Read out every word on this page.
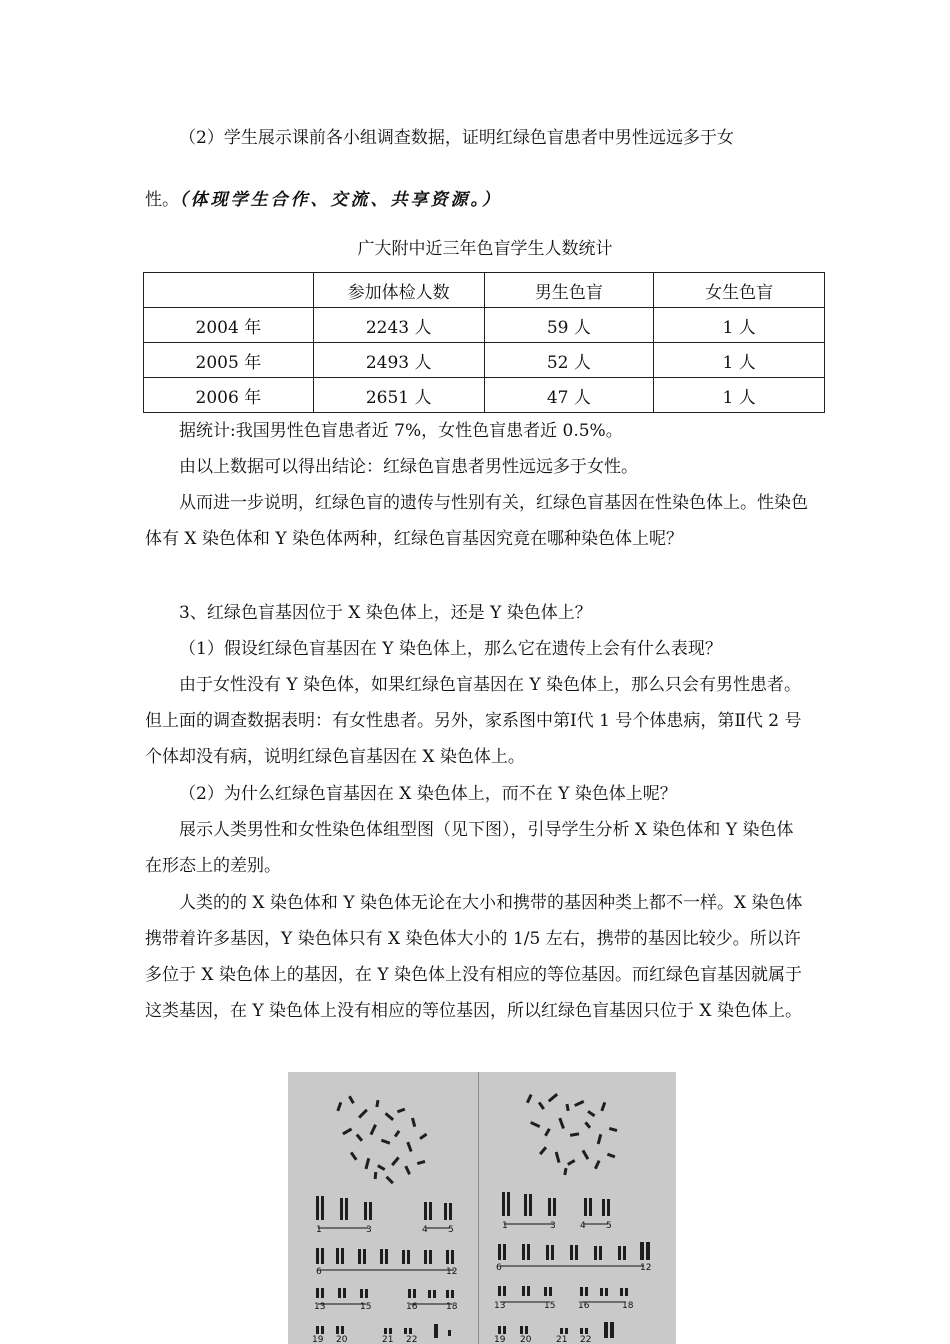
（2）学生展示课前各小组调查数据，证明红绿色盲患者中男性远远多于女

性。（体现学生合作、交流、共享资源。）

广大附中近三年色盲学生人数统计
	参加体检人数	男生色盲	女生色盲
2004 年	2243 人	59 人	1 人
2005 年	2493 人	52 人	1 人
2006 年	2651 人	47 人	1 人

据统计:我国男性色盲患者近 7%，女性色盲患者近 0.5%。

由以上数据可以得出结论：红绿色盲患者男性远远多于女性。

从而进一步说明，红绿色盲的遗传与性别有关，红绿色盲基因在性染色体上。性染色体有 X 染色体和 Y 染色体两种，红绿色盲基因究竟在哪种染色体上呢？

3、红绿色盲基因位于 X 染色体上，还是 Y 染色体上？

（1）假设红绿色盲基因在 Y 染色体上，那么它在遗传上会有什么表现？

由于女性没有 Y 染色体，如果红绿色盲基因在 Y 染色体上，那么只会有男性患者。但上面的调查数据表明：有女性患者。另外，家系图中第Ⅰ代 1 号个体患病，第Ⅱ代 2 号个体却没有病，说明红绿色盲基因在 X 染色体上。

（2）为什么红绿色盲基因在 X 染色体上，而不在 Y 染色体上呢？

展示人类男性和女性染色体组型图（见下图），引导学生分析 X 染色体和 Y 染色体在形态上的差别。

人类的的 X 染色体和 Y 染色体无论在大小和携带的基因种类上都不一样。X 染色体携带着许多基因，Y 染色体只有 X 染色体大小的 1/5 左右，携带的基因比较少。所以许多位于 X 染色体上的基因，在 Y 染色体上没有相应的等位基因。而红绿色盲基因就属于这类基因，在 Y 染色体上没有相应的等位基因，所以红绿色盲基因只位于 X 染色体上。

1	3	4 5
6	12
13	15	16	18
19 20	21 22
1	3	4 5
6	12
13	15	16	18
19 20	21 22
